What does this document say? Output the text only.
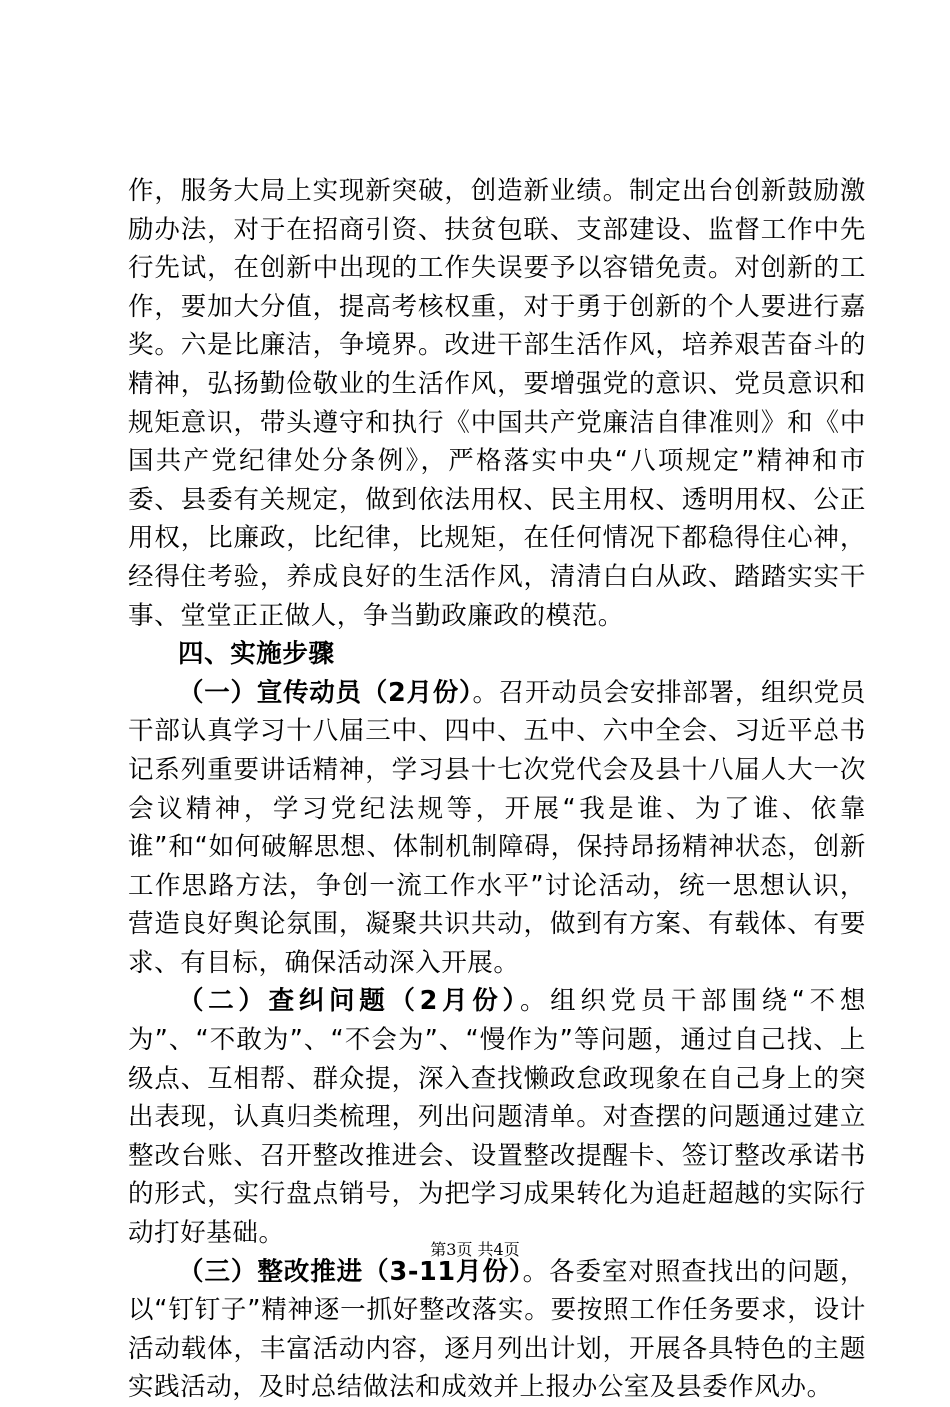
作，服务大局上实现新突破，创造新业绩。制定出台创新鼓励激励办法，对于在招商引资、扶贫包联、支部建设、监督工作中先行先试，在创新中出现的工作失误要予以容错免责。对创新的工作，要加大分值，提高考核权重，对于勇于创新的个人要进行嘉奖。六是比廉洁，争境界。改进干部生活作风，培养艰苦奋斗的精神，弘扬勤俭敬业的生活作风，要增强党的意识、党员意识和规矩意识，带头遵守和执行《中国共产党廉洁自律准则》和《中国共产党纪律处分条例》，严格落实中央“八项规定”精神和市委、县委有关规定，做到依法用权、民主用权、透明用权、公正用权，比廉政，比纪律，比规矩，在任何情况下都稳得住心神，经得住考验，养成良好的生活作风，清清白白从政、踏踏实实干事、堂堂正正做人，争当勤政廉政的模范。

四、实施步骤

（一）宣传动员（2月份）。召开动员会安排部署，组织党员干部认真学习十八届三中、四中、五中、六中全会、习近平总书记系列重要讲话精神，学习县十七次党代会及县十八届人大一次会议精神，学习党纪法规等，开展“我是谁、为了谁、依靠谁”和“如何破解思想、体制机制障碍，保持昂扬精神状态，创新工作思路方法，争创一流工作水平”讨论活动，统一思想认识，营造良好舆论氛围，凝聚共识共动，做到有方案、有载体、有要求、有目标，确保活动深入开展。

（二）查纠问题（2月份）。组织党员干部围绕“不想为”、“不敢为”、“不会为”、“慢作为”等问题，通过自己找、上级点、互相帮、群众提，深入查找懒政怠政现象在自己身上的突出表现，认真归类梳理，列出问题清单。对查摆的问题通过建立整改台账、召开整改推进会、设置整改提醒卡、签订整改承诺书的形式，实行盘点销号，为把学习成果转化为追赶超越的实际行动打好基础。

（三）整改推进（3-11月份）。各委室对照查找出的问题，以“钉钉子”精神逐一抓好整改落实。要按照工作任务要求，设计活动载体，丰富活动内容，逐月列出计划，开展各具特色的主题实践活动，及时总结做法和成效并上报办公室及县委作风办。

第3页 共4页
